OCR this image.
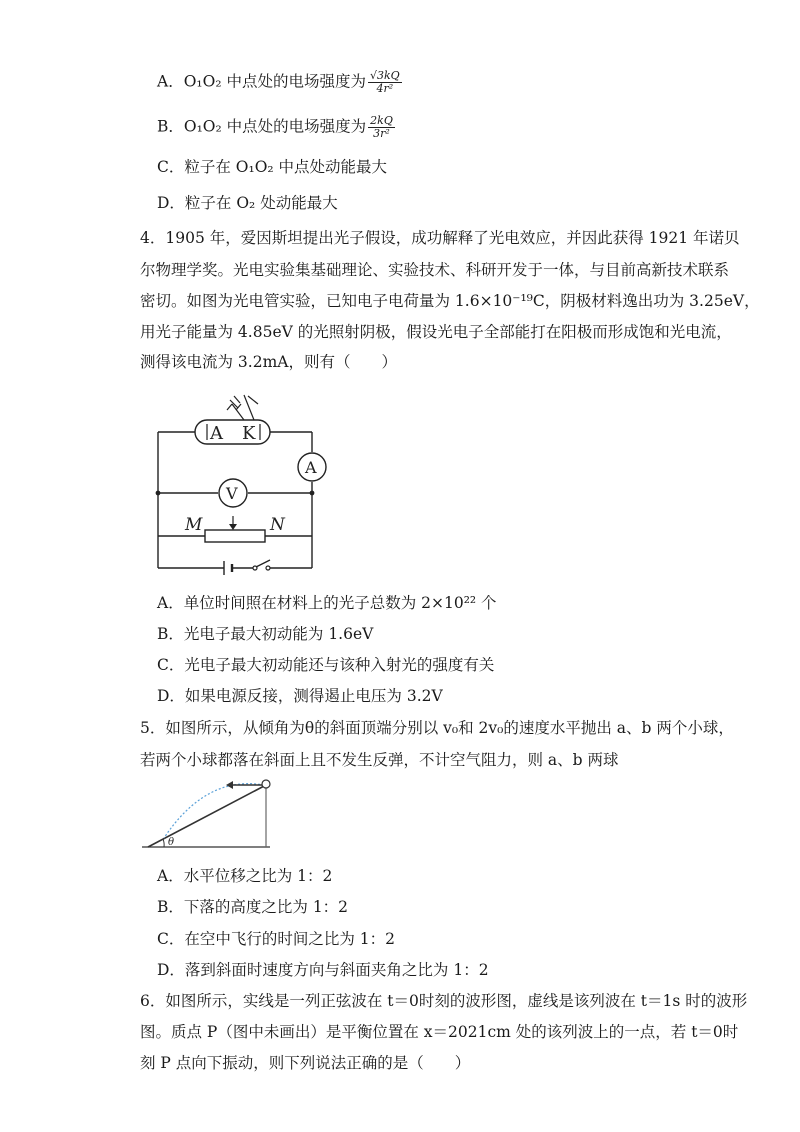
A．O₁O₂ 中点处的电场强度为 $\frac{√3kQ}{\text{4r²}}$
B．O₁O₂ 中点处的电场强度为 $\frac{2kQ}{\text{3r²}}$
C．粒子在 O₁O₂ 中点处动能最大
D．粒子在 O₂ 处动能最大
4．1905 年，爱因斯坦提出光子假设，成功解释了光电效应，并因此获得 1921 年诺贝
尔物理学奖。光电实验集基础理论、实验技术、科研开发于一体，与目前高新技术联系
密切。如图为光电管实验，已知电子电荷量为 1.6×10⁻¹⁹C，阴极材料逸出功为 3.25eV，
用光子能量为 4.85eV 的光照射阴极，假设光电子全部能打在阳极而形成饱和光电流，
测得该电流为 3.2mA，则有（　　）
A K
A
V
M	N
A．单位时间照在材料上的光子总数为 2×10²² 个
B．光电子最大初动能为 1.6eV
C．光电子最大初动能还与该种入射光的强度有关
D．如果电源反接，测得遏止电压为 3.2V
5．如图所示，从倾角为θ的斜面顶端分别以 v₀和 2v₀的速度水平抛出 a、b 两个小球，
若两个小球都落在斜面上且不发生反弹，不计空气阻力，则 a、b 两球
θ
A．水平位移之比为 1：2
B．下落的高度之比为 1：2
C．在空中飞行的时间之比为 1：2
D．落到斜面时速度方向与斜面夹角之比为 1：2
6．如图所示，实线是一列正弦波在 t＝0时刻的波形图，虚线是该列波在 t＝1s 时的波形
图。质点 P（图中未画出）是平衡位置在 x＝2021cm 处的该列波上的一点，若 t＝0时
刻 P 点向下振动，则下列说法正确的是（　　）
